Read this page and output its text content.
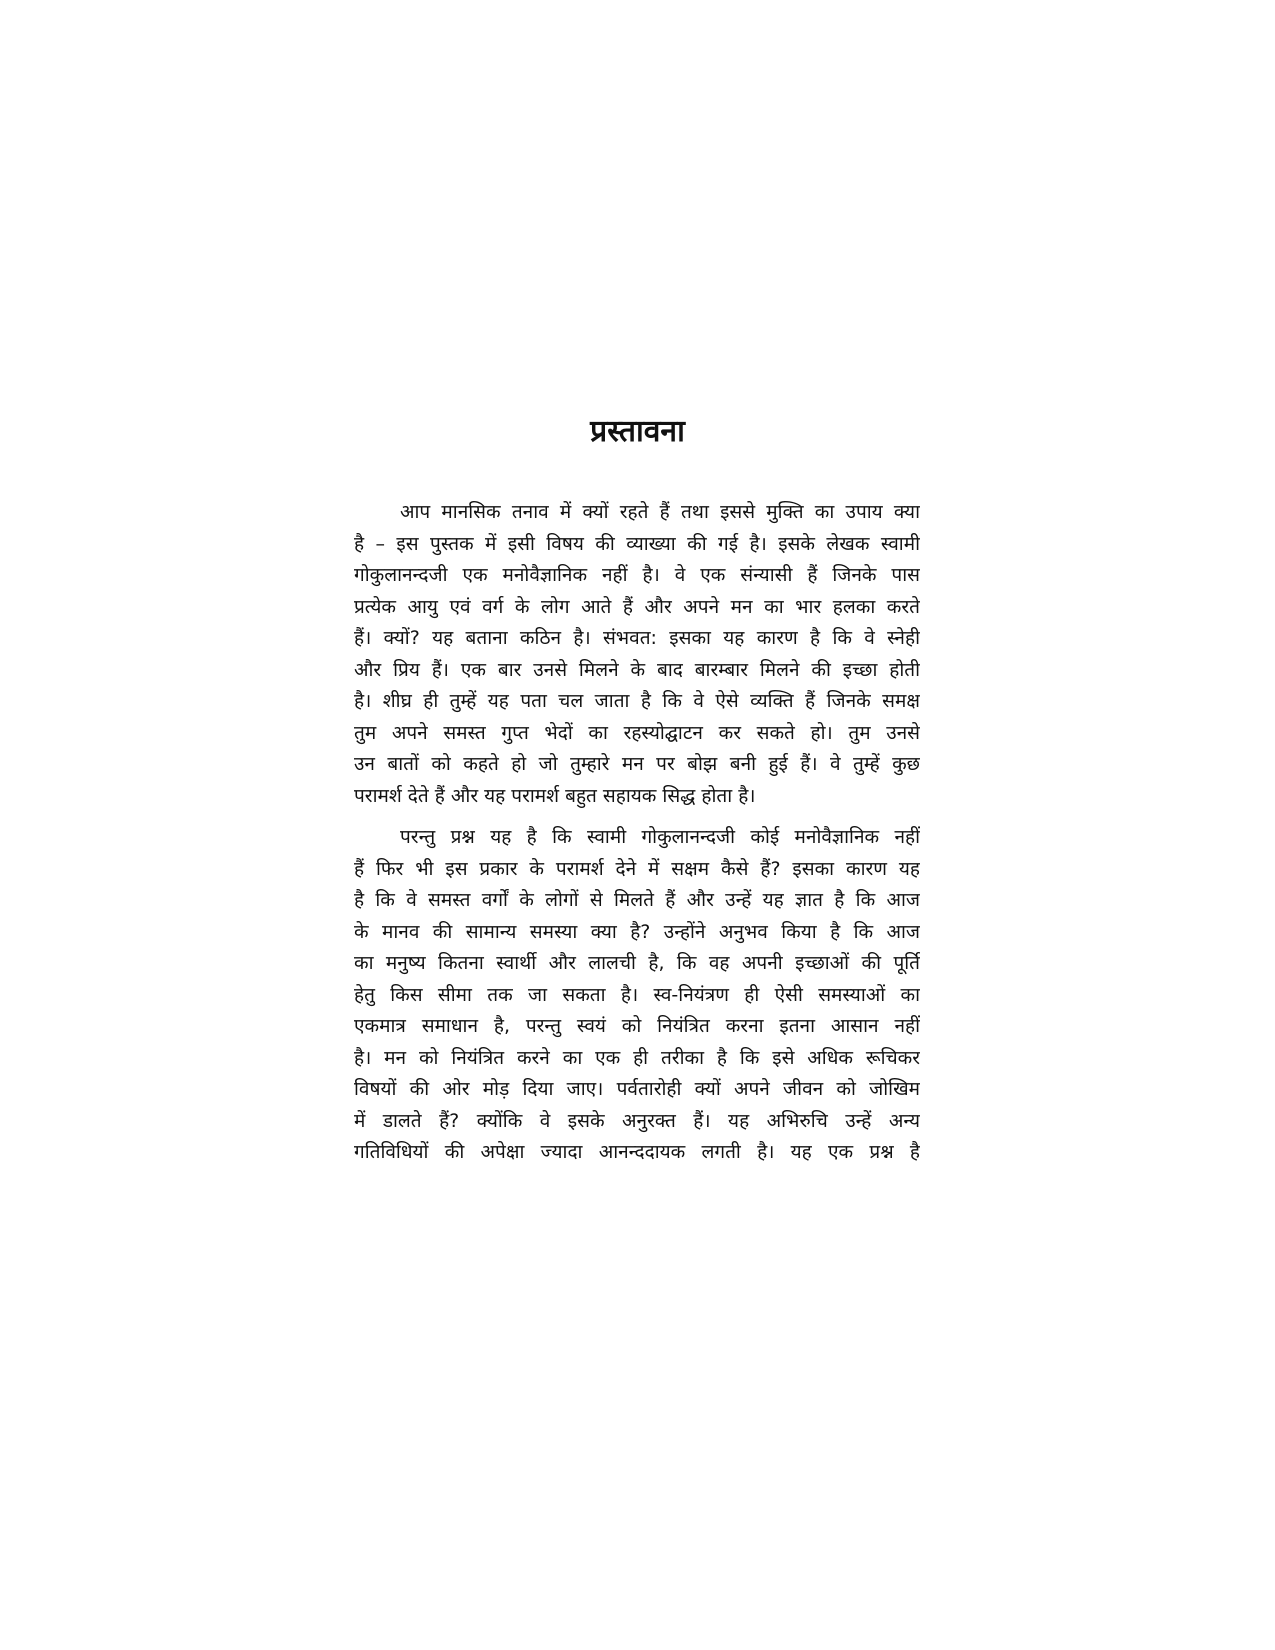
प्रस्तावना
आप मानसिक तनाव में क्यों रहते हैं तथा इससे मुक्ति का उपाय क्या
है – इस पुस्तक में इसी विषय की व्याख्या की गई है। इसके लेखक स्वामी
गोकुलानन्दजी एक मनोवैज्ञानिक नहीं है। वे एक संन्यासी हैं जिनके पास
प्रत्येक आयु एवं वर्ग के लोग आते हैं और अपने मन का भार हलका करते
हैं। क्यों? यह बताना कठिन है। संभवत: इसका यह कारण है कि वे स्नेही
और प्रिय हैं। एक बार उनसे मिलने के बाद बारम्बार मिलने की इच्छा होती
है। शीघ्र ही तुम्हें यह पता चल जाता है कि वे ऐसे व्यक्ति हैं जिनके समक्ष
तुम अपने समस्त गुप्त भेदों का रहस्योद्घाटन कर सकते हो। तुम उनसे
उन बातों को कहते हो जो तुम्हारे मन पर बोझ बनी हुई हैं। वे तुम्हें कुछ
परामर्श देते हैं और यह परामर्श बहुत सहायक सिद्ध होता है।
परन्तु प्रश्न यह है कि स्वामी गोकुलानन्दजी कोई मनोवैज्ञानिक नहीं
हैं फिर भी इस प्रकार के परामर्श देने में सक्षम कैसे हैं? इसका कारण यह
है कि वे समस्त वर्गों के लोगों से मिलते हैं और उन्हें यह ज्ञात है कि आज
के मानव की सामान्य समस्या क्या है? उन्होंने अनुभव किया है कि आज
का मनुष्य कितना स्वार्थी और लालची है, कि वह अपनी इच्छाओं की पूर्ति
हेतु किस सीमा तक जा सकता है। स्व-नियंत्रण ही ऐसी समस्याओं का
एकमात्र समाधान है, परन्तु स्वयं को नियंत्रित करना इतना आसान नहीं
है। मन को नियंत्रित करने का एक ही तरीका है कि इसे अधिक रूचिकर
विषयों की ओर मोड़ दिया जाए। पर्वतारोही क्यों अपने जीवन को जोखिम
में डालते हैं? क्योंकि वे इसके अनुरक्त हैं। यह अभिरुचि उन्हें अन्य
गतिविधियों की अपेक्षा ज्यादा आनन्ददायक लगती है। यह एक प्रश्न है
